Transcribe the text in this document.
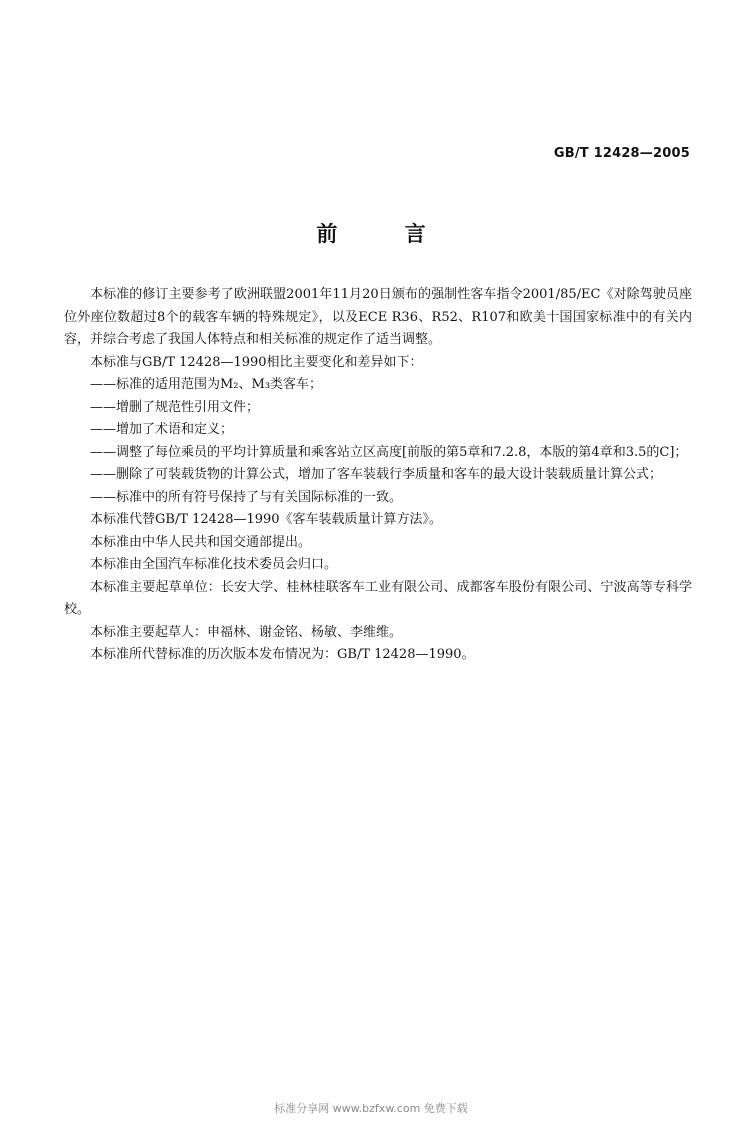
GB/T 12428—2005
前 言

本标准的修订主要参考了欧洲联盟2001年11月20日颁布的强制性客车指令2001/85/EC《对除驾驶员座位外座位数超过8个的载客车辆的特殊规定》，以及ECE R36、R52、R107和欧美十国国家标准中的有关内容，并综合考虑了我国人体特点和相关标准的规定作了适当调整。

本标准与GB/T 12428—1990相比主要变化和差异如下：

——标准的适用范围为M₂、M₃类客车；

——增删了规范性引用文件；

——增加了术语和定义；

——调整了每位乘员的平均计算质量和乘客站立区高度[前版的第5章和7.2.8，本版的第4章和3.5的C]；

——删除了可装载货物的计算公式，增加了客车装载行李质量和客车的最大设计装载质量计算公式；

——标准中的所有符号保持了与有关国际标准的一致。

本标准代替GB/T 12428—1990《客车装载质量计算方法》。

本标准由中华人民共和国交通部提出。

本标准由全国汽车标准化技术委员会归口。

本标准主要起草单位：长安大学、桂林桂联客车工业有限公司、成都客车股份有限公司、宁波高等专科学校。

本标准主要起草人：申福林、谢金铭、杨敏、李维维。

本标准所代替标准的历次版本发布情况为：GB/T 12428—1990。

标准分享网 www.bzfxw.com 免费下载
